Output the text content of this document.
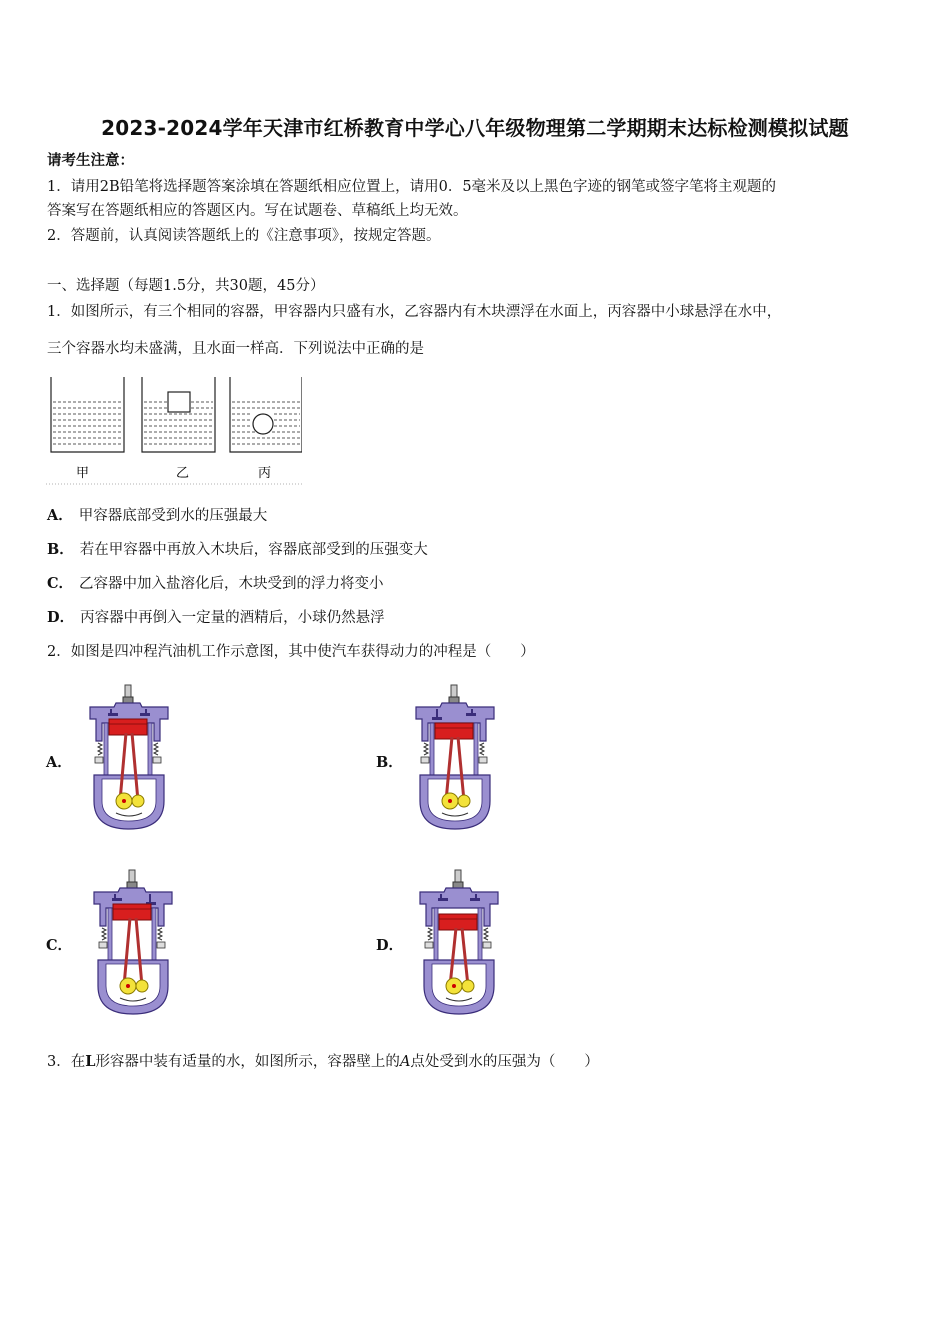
2023-2024学年天津市红桥教育中学心八年级物理第二学期期末达标检测模拟试题
请考生注意：
1．请用2B铅笔将选择题答案涂填在答题纸相应位置上，请用0．5毫米及以上黑色字迹的钢笔或签字笔将主观题的
答案写在答题纸相应的答题区内。写在试题卷、草稿纸上均无效。
2．答题前，认真阅读答题纸上的《注意事项》，按规定答题。
一、选择题（每题1.5分，共30题，45分）
1．如图所示，有三个相同的容器，甲容器内只盛有水，乙容器内有木块漂浮在水面上，丙容器中小球悬浮在水中，
三个容器水均未盛满，且水面一样高．下列说法中正确的是
甲	乙	丙
A． 甲容器底部受到水的压强最大
B． 若在甲容器中再放入木块后，容器底部受到的压强变大
C． 乙容器中加入盐溶化后，木块受到的浮力将变小
D． 丙容器中再倒入一定量的酒精后，小球仍然悬浮
2．如图是四冲程汽油机工作示意图，其中使汽车获得动力的冲程是（　　）
A．	B．
C．	D．
3．在L形容器中装有适量的水，如图所示，容器壁上的A点处受到水的压强为（　　）
